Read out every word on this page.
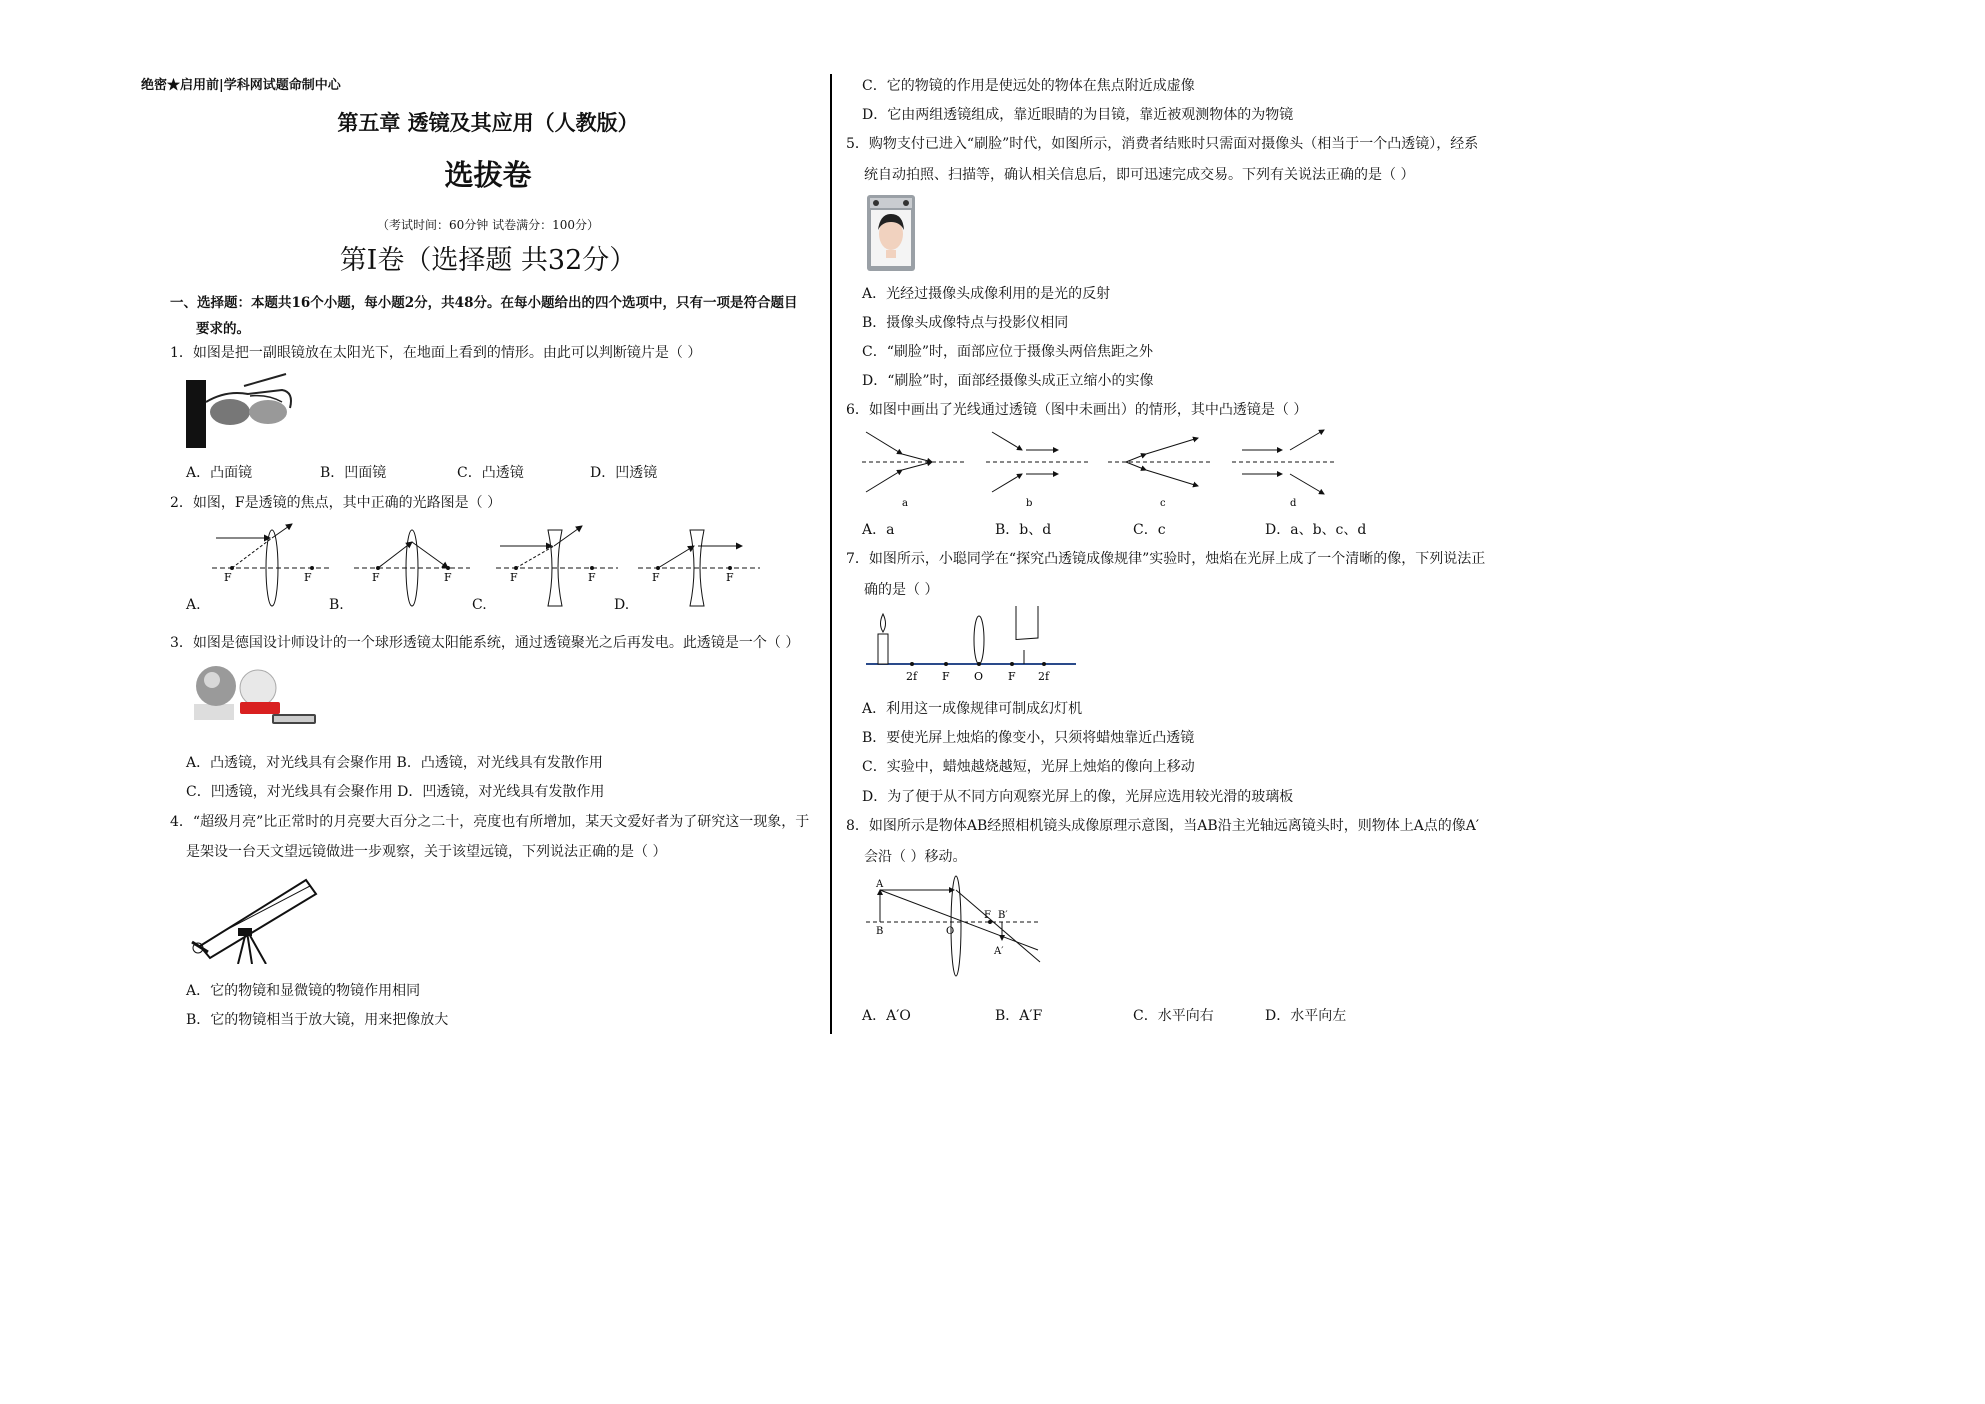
绝密★启用前|学科网试题命制中心
第五章 透镜及其应用（人教版）
选拔卷
（考试时间：60分钟 试卷满分：100分）
第Ⅰ卷（选择题 共32分）
一、选择题：本题共16个小题，每小题2分，共48分。在每小题给出的四个选项中，只有一项是符合题目
要求的。
1．如图是把一副眼镜放在太阳光下，在地面上看到的情形。由此可以判断镜片是（ ）
A．凸面镜	B．凹面镜	C．凸透镜	D．凹透镜
2．如图，F是透镜的焦点，其中正确的光路图是（ ）
F	F	F	F	F	F	F	F
A.	B.	C.	D.
3．如图是德国设计师设计的一个球形透镜太阳能系统，通过透镜聚光之后再发电。此透镜是一个（ ）
A．凸透镜，对光线具有会聚作用 B．凸透镜，对光线具有发散作用
C．凹透镜，对光线具有会聚作用 D．凹透镜，对光线具有发散作用
4．“超级月亮”比正常时的月亮要大百分之二十，亮度也有所增加，某天文爱好者为了研究这一现象，于
是架设一台天文望远镜做进一步观察，关于该望远镜，下列说法正确的是（ ）
A．它的物镜和显微镜的物镜作用相同
B．它的物镜相当于放大镜，用来把像放大
C．它的物镜的作用是使远处的物体在焦点附近成虚像
D．它由两组透镜组成，靠近眼睛的为目镜，靠近被观测物体的为物镜
5．购物支付已进入“刷脸”时代，如图所示，消费者结账时只需面对摄像头（相当于一个凸透镜），经系
统自动拍照、扫描等，确认相关信息后，即可迅速完成交易。下列有关说法正确的是（ ）
A．光经过摄像头成像利用的是光的反射
B．摄像头成像特点与投影仪相同
C．“刷脸”时，面部应位于摄像头两倍焦距之外
D．“刷脸”时，面部经摄像头成正立缩小的实像
6．如图中画出了光线通过透镜（图中未画出）的情形，其中凸透镜是（ ）
a	b	c	d
A．a	B．b、d	C．c	D．a、b、c、d
7．如图所示，小聪同学在“探究凸透镜成像规律”实验时，烛焰在光屏上成了一个清晰的像，下列说法正
确的是（ ）
2f F O F 2f
A．利用这一成像规律可制成幻灯机
B．要使光屏上烛焰的像变小，只须将蜡烛靠近凸透镜
C．实验中，蜡烛越烧越短，光屏上烛焰的像向上移动
D．为了便于从不同方向观察光屏上的像，光屏应选用较光滑的玻璃板
8．如图所示是物体AB经照相机镜头成像原理示意图，当AB沿主光轴远离镜头时，则物体上A点的像A′
会沿（ ）移动。
A
B	O
F B′
A′
A．A′O	B．A′F	C．水平向右	D．水平向左
